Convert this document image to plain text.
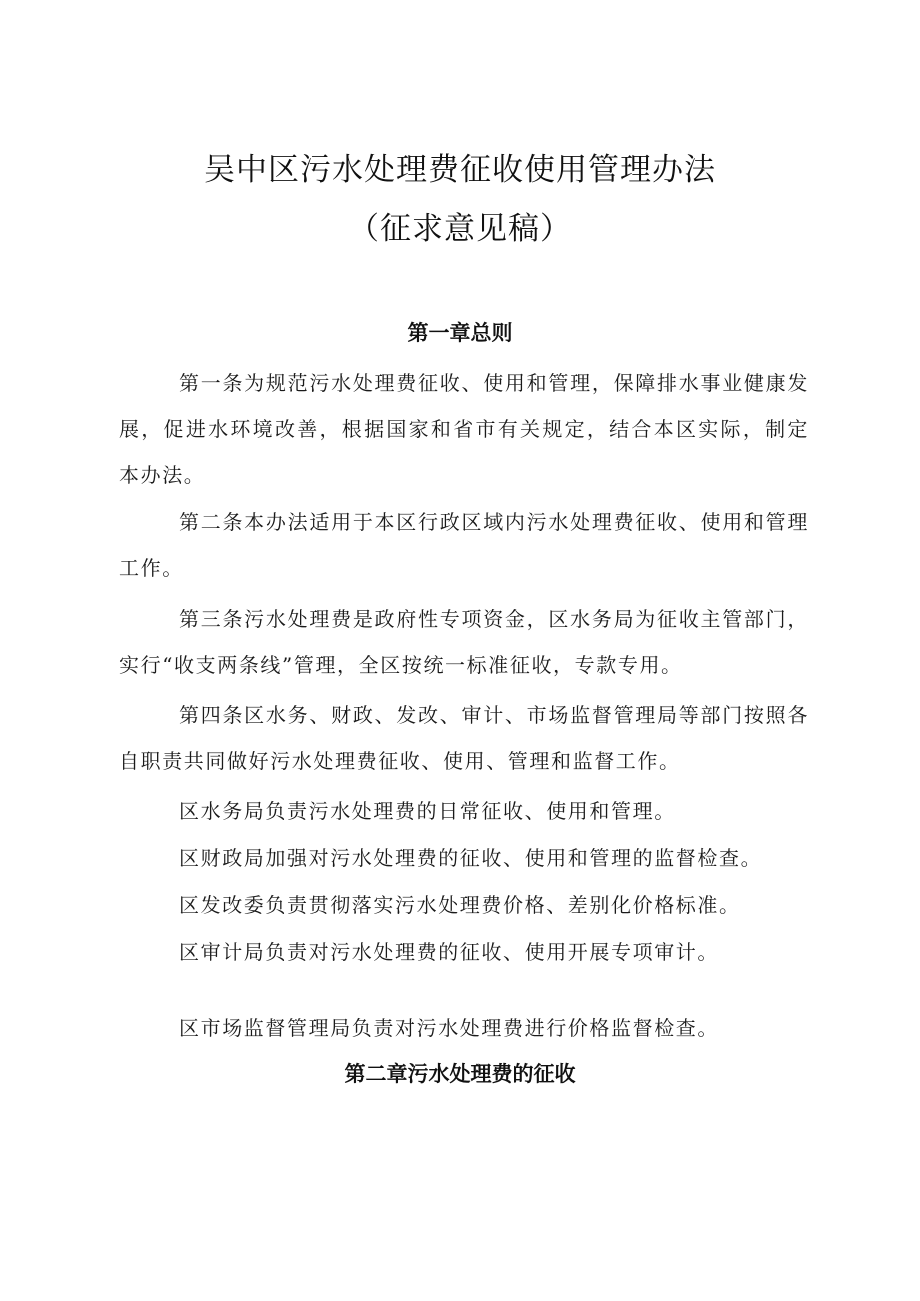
吴中区污水处理费征收使用管理办法
（征求意见稿）
第一章总则

第一条为规范污水处理费征收、使用和管理，保障排水事业健康发展，促进水环境改善，根据国家和省市有关规定，结合本区实际，制定本办法。

第二条本办法适用于本区行政区域内污水处理费征收、使用和管理工作。

第三条污水处理费是政府性专项资金，区水务局为征收主管部门，实行“收支两条线”管理，全区按统一标准征收，专款专用。

第四条区水务、财政、发改、审计、市场监督管理局等部门按照各自职责共同做好污水处理费征收、使用、管理和监督工作。

区水务局负责污水处理费的日常征收、使用和管理。

区财政局加强对污水处理费的征收、使用和管理的监督检查。

区发改委负责贯彻落实污水处理费价格、差别化价格标准。

区审计局负责对污水处理费的征收、使用开展专项审计。

区市场监督管理局负责对污水处理费进行价格监督检查。

第二章污水处理费的征收
